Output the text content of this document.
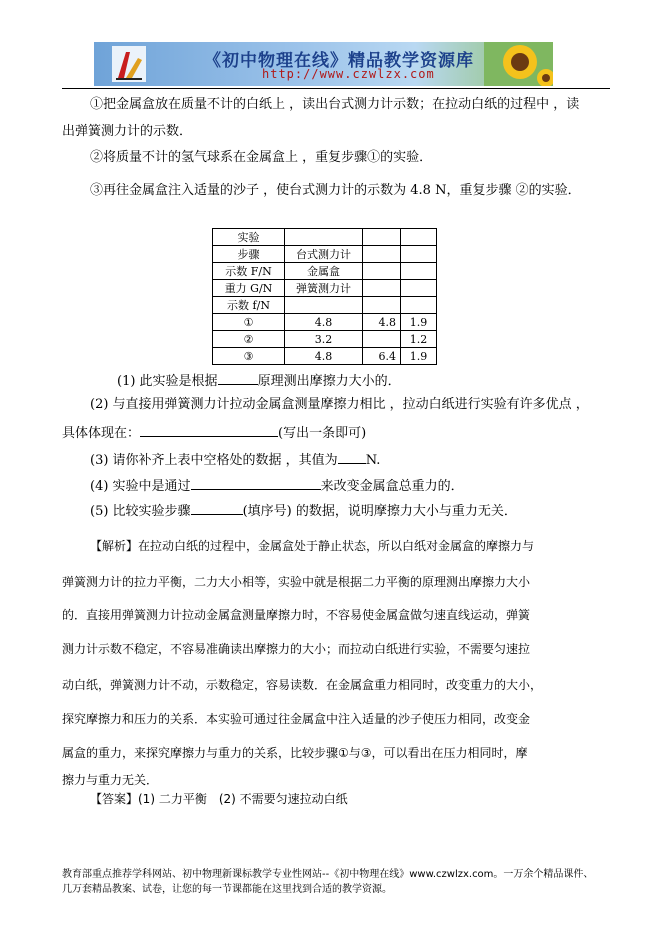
《初中物理在线》精品教学资源库
http://www.czwlzx.com
①把金属盒放在质量不计的白纸上 ，读出台式测力计示数；在拉动白纸的过程中 ，读
出弹簧测力计的示数．
②将质量不计的氢气球系在金属盒上 ，重复步骤①的实验．
③再往金属盒注入适量的沙子 ，使台式测力计的示数为 4.8 N，重复步骤 ②的实验．
实验			
步骤	台式测力计		
示数 F/N	金属盒		
重力 G/N	弹簧测力计		
示数 f/N			
①	4.8	4.8	1.9
②	3.2		1.2
③	4.8	6.4	1.9
(1) 此实验是根据	原理测出摩擦力大小的．
(2) 与直接用弹簧测力计拉动金属盒测量摩擦力相比 ，拉动白纸进行实验有许多优点 ，
具体体现在：	(写出一条即可)
(3) 请你补齐上表中空格处的数据 ，其值为 N.
(4) 实验中是通过	来改变金属盒总重力的．
(5) 比较实验步骤	(填序号) 的数据，说明摩擦力大小与重力无关．
【解析】在拉动白纸的过程中，金属盒处于静止状态，所以白纸对金属盒的摩擦力与
弹簧测力计的拉力平衡，二力大小相等，实验中就是根据二力平衡的原理测出摩擦力大小
的．直接用弹簧测力计拉动金属盒测量摩擦力时，不容易使金属盒做匀速直线运动，弹簧
测力计示数不稳定，不容易准确读出摩擦力的大小；而拉动白纸进行实验，不需要匀速拉
动白纸，弹簧测力计不动，示数稳定，容易读数．在金属盒重力相同时，改变重力的大小，
探究摩擦力和压力的关系．本实验可通过往金属盒中注入适量的沙子使压力相同，改变金
属盒的重力，来探究摩擦力与重力的关系，比较步骤①与③，可以看出在压力相同时，摩
擦力与重力无关．
【答案】(1) 二力平衡　(2) 不需要匀速拉动白纸
教育部重点推荐学科网站、初中物理新课标教学专业性网站--《初中物理在线》www.czwlzx.com。一万余个精品课件、
几万套精品教案、试卷，让您的每一节课都能在这里找到合适的教学资源。
